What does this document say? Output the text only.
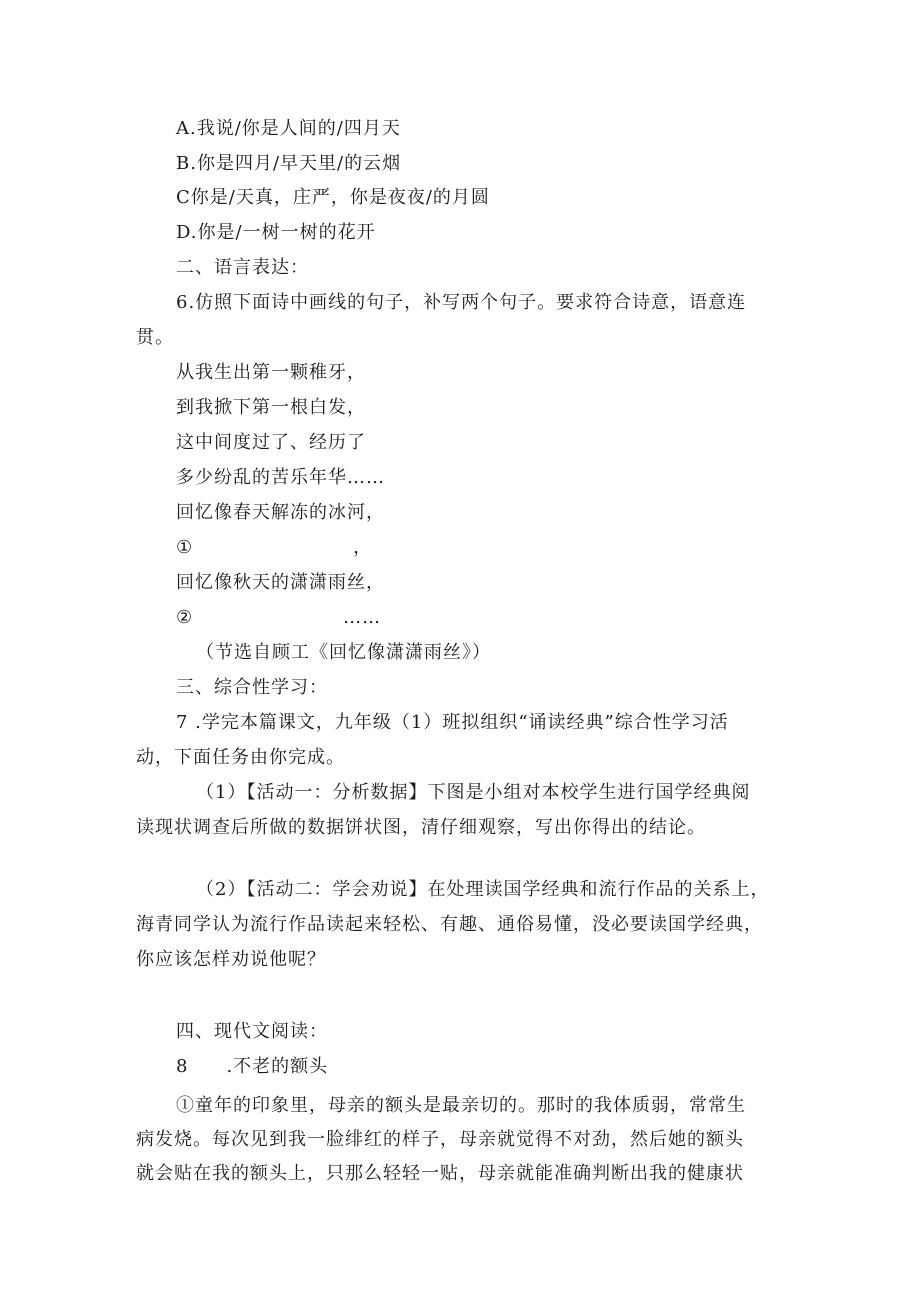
A.我说/你是人间的/四月天
B.你是四月/早天里/的云烟
C你是/天真，庄严，你是夜夜/的月圆
D.你是/一树一树的花开
二、语言表达：
6.仿照下面诗中画线的句子，补写两个句子。要求符合诗意，语意连
贯。
从我生出第一颗稚牙，
到我掀下第一根白发，
这中间度过了、经历了
多少纷乱的苦乐年华……
回忆像春天解冻的冰河，
①	，
回忆像秋天的潇潇雨丝，
②	……
（节选自顾工《回忆像潇潇雨丝》）
三、综合性学习：
7 .学完本篇课文，九年级（1）班拟组织“诵读经典”综合性学习活
动，下面任务由你完成。
（1）【活动一：分析数据】下图是小组对本校学生进行国学经典阅
读现状调查后所做的数据饼状图，清仔细观察，写出你得出的结论。
（2）【活动二：学会劝说】在处理读国学经典和流行作品的关系上，
海青同学认为流行作品读起来轻松、有趣、通俗易懂，没必要读国学经典，
你应该怎样劝说他呢？
四、现代文阅读：
8 .不老的额头
①童年的印象里，母亲的额头是最亲切的。那时的我体质弱，常常生
病发烧。每次见到我一脸绯红的样子，母亲就觉得不对劲，然后她的额头
就会贴在我的额头上，只那么轻轻一贴，母亲就能准确判断出我的健康状
